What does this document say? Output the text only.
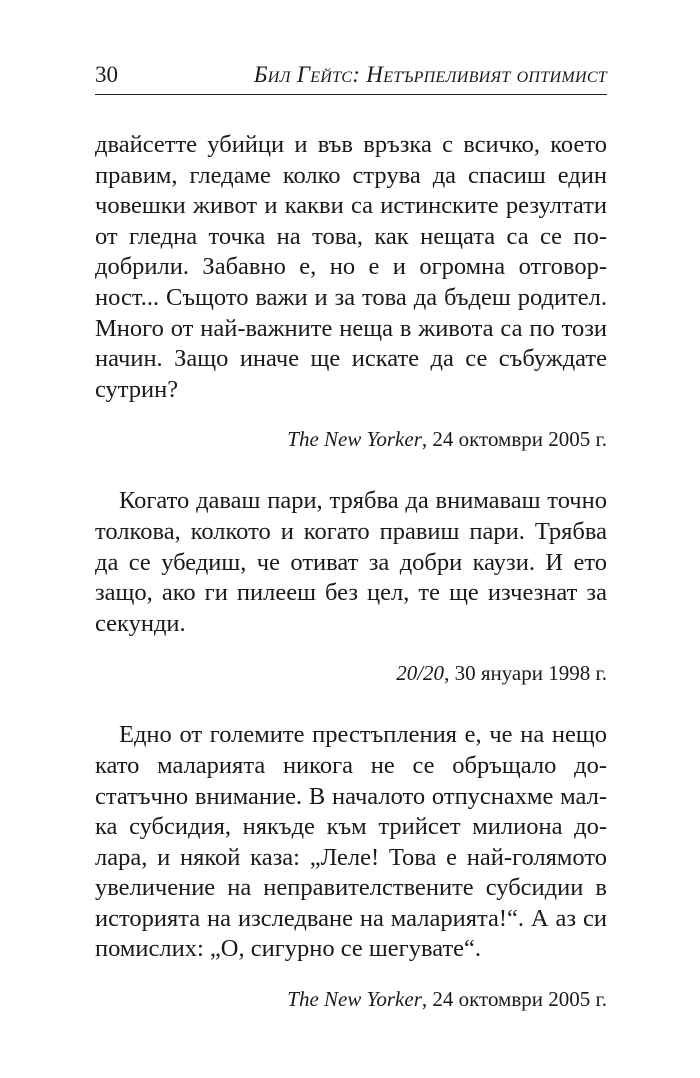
30	Бил Гейтс: Нетърпеливият оптимист

двайсетте убийци и във връзка с всичко, което правим, гледаме колко струва да спасиш един човешки живот и какви са истинските резултати от гледна точка на това, как нещата са се подобрили. Забавно е, но е и огромна отговорност... Същото важи и за това да бъдеш родител. Много от най-важните неща в живота са по този начин. Защо иначе ще искате да се събуждате сутрин?

The New Yorker, 24 октомври 2005 г.

Когато даваш пари, трябва да внимаваш точно толкова, колкото и когато правиш пари. Трябва да се убедиш, че отиват за добри каузи. И ето защо, ако ги пилееш без цел, те ще изчезнат за секунди.

20/20, 30 януари 1998 г.

Едно от големите престъпления е, че на нещо като маларията никога не се обръщало достатъчно внимание. В началото отпуснахме малка субсидия, някъде към трийсет милиона долара, и някой каза: „Леле! Това е най-голямото увеличение на неправителствените субсидии в историята на изследване на маларията!“. А аз си помислих: „О, сигурно се шегувате“.

The New Yorker, 24 октомври 2005 г.
